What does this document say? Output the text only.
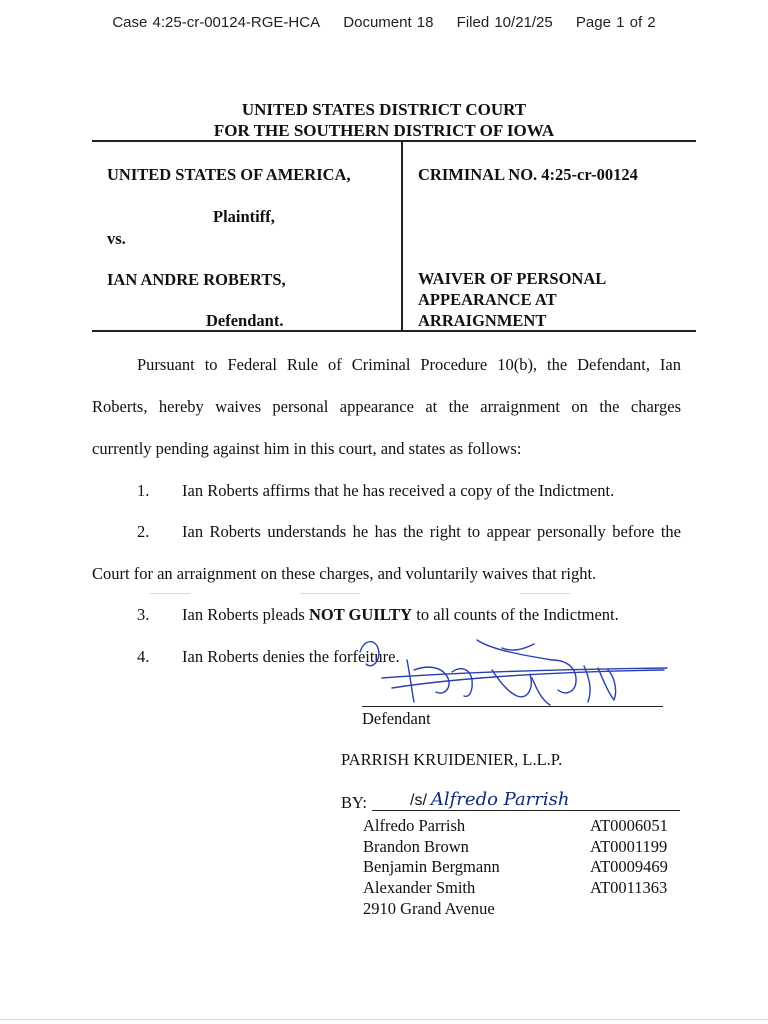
Case 4:25-cr-00124-RGE-HCA Document 18 Filed 10/21/25 Page 1 of 2
UNITED STATES DISTRICT COURT
FOR THE SOUTHERN DISTRICT OF IOWA
UNITED STATES OF AMERICA,
Plaintiff,
vs.
IAN ANDRE ROBERTS,
Defendant.
CRIMINAL NO. 4:25-cr-00124
WAIVER OF PERSONAL
APPEARANCE AT
ARRAIGNMENT
Pursuant to Federal Rule of Criminal Procedure 10(b), the Defendant, Ian
Roberts, hereby waives personal appearance at the arraignment on the charges
currently pending against him in this court, and states as follows:
1. Ian Roberts affirms that he has received a copy of the Indictment.
2. Ian Roberts understands he has the right to appear personally before the
Court for an arraignment on these charges, and voluntarily waives that right.
3. Ian Roberts pleads NOT GUILTY to all counts of the Indictment.
4. Ian Roberts denies the forfeiture.
Defendant
PARRISH KRUIDENIER, L.L.P.
BY:	/s/ Alfredo Parrish
Alfredo Parrish	AT0006051
Brandon Brown	AT0001199
Benjamin Bergmann	AT0009469
Alexander Smith	AT0011363
2910 Grand Avenue
